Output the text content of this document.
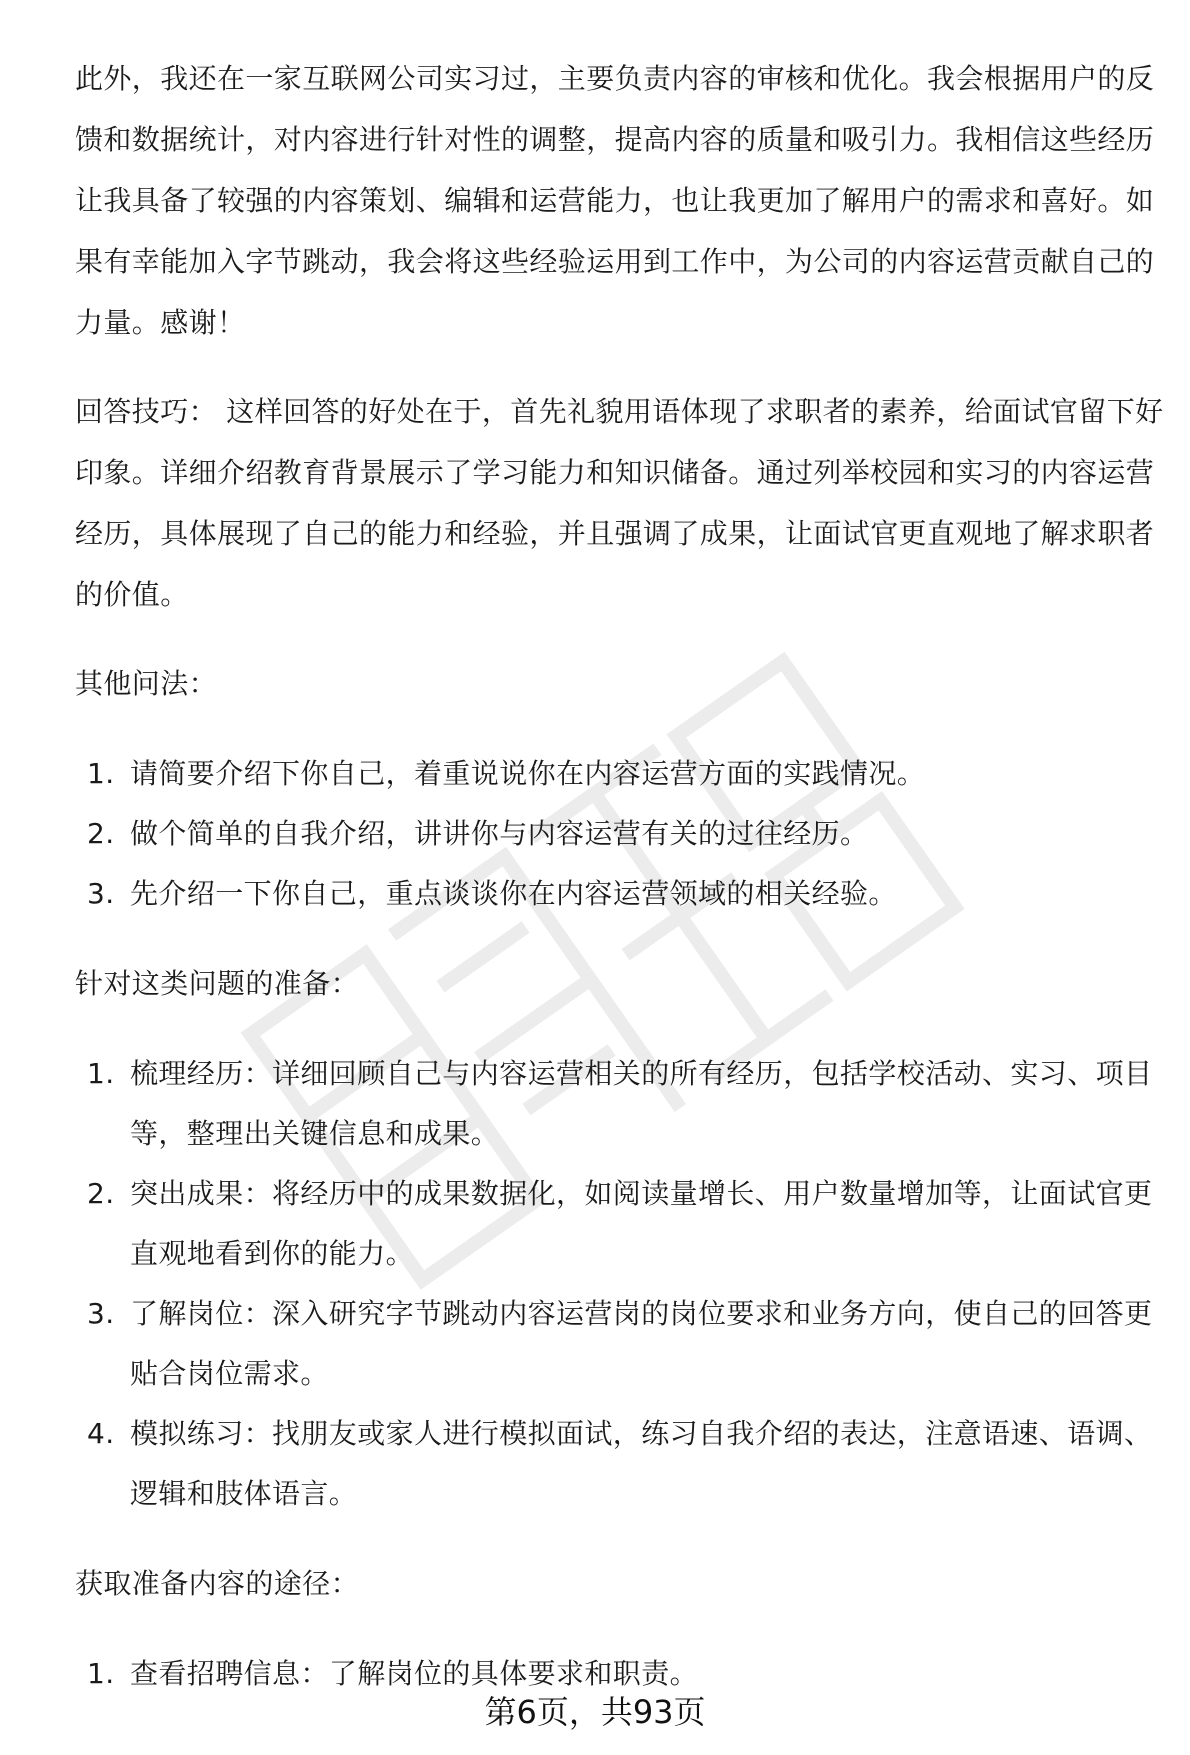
此外，我还在一家互联网公司实习过，主要负责内容的审核和优化。我会根据用户的反馈和数据统计，对内容进行针对性的调整，提高内容的质量和吸引力。我相信这些经历让我具备了较强的内容策划、编辑和运营能力，也让我更加了解用户的需求和喜好。如果有幸能加入字节跳动，我会将这些经验运用到工作中，为公司的内容运营贡献自己的力量。感谢！

回答技巧： 这样回答的好处在于，首先礼貌用语体现了求职者的素养，给面试官留下好印象。详细介绍教育背景展示了学习能力和知识储备。通过列举校园和实习的内容运营经历，具体展现了自己的能力和经验，并且强调了成果，让面试官更直观地了解求职者的价值。

其他问法：
1. 请简要介绍下你自己，着重说说你在内容运营方面的实践情况。
2. 做个简单的自我介绍，讲讲你与内容运营有关的过往经历。
3. 先介绍一下你自己，重点谈谈你在内容运营领域的相关经验。
针对这类问题的准备：
1. 梳理经历：详细回顾自己与内容运营相关的所有经历，包括学校活动、实习、项目等，整理出关键信息和成果。
2. 突出成果：将经历中的成果数据化，如阅读量增长、用户数量增加等，让面试官更直观地看到你的能力。
3. 了解岗位：深入研究字节跳动内容运营岗的岗位要求和业务方向，使自己的回答更贴合岗位需求。
4. 模拟练习：找朋友或家人进行模拟面试，练习自我介绍的表达，注意语速、语调、逻辑和肢体语言。
获取准备内容的途径：
1. 查看招聘信息：了解岗位的具体要求和职责。
第6页，共93页
